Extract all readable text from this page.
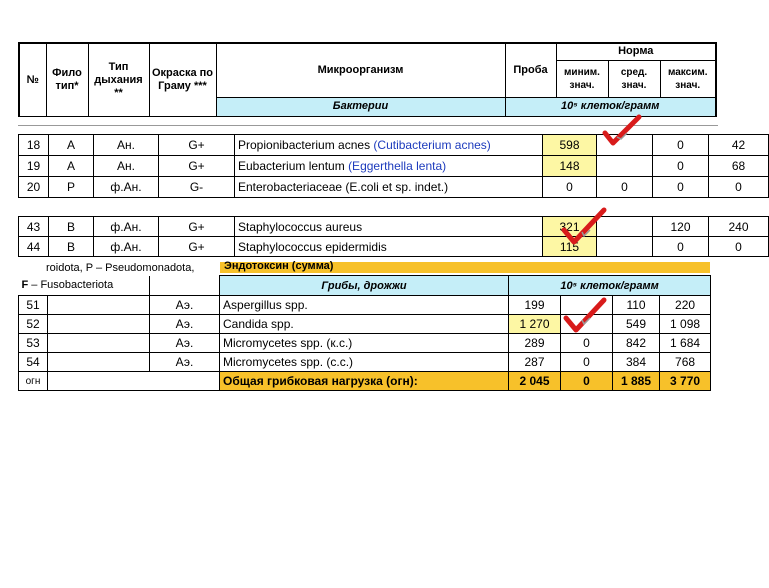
№	Фило тип*	Тип дыхания **	Окраска по Граму ***	Микроорганизм	Проба	Норма		
						миним. знач.	сред. знач.	максим. знач.
				Бактерии	10⁵ клеток/грамм			
18	A	Ан.	G+	Propionibacterium acnes (Cutibacterium acnes)	598		0	42
19	A	Ан.	G+	Eubacterium lentum (Eggerthella lenta)	148		0	68
20	P	ф.Ан.	G-	Enterobacteriaceae (E.coli et sp. indet.)	0	0	0	0
43	B	ф.Ан.	G+	Staphylococcus aureus	321		120	240
44	B	ф.Ан.	G+	Staphylococcus epidermidis	115		0	0
roidota, P – Pseudomonadota,	Эндотоксин (сумма)
F – Fusobacteriota			Грибы, дрожжи	10⁵ клеток/грамм			
51		Аэ.	Aspergillus spp.	199		110	220
52		Аэ.	Candida spp.	1 270		549	1 098
53		Аэ.	Micromycetes spp. (к.с.)	289	0	842	1 684
54		Аэ.	Micromycetes spp. (с.с.)	287	0	384	768
огн			Общая грибковая нагрузка (огн):	2 045	0	1 885	3 770
